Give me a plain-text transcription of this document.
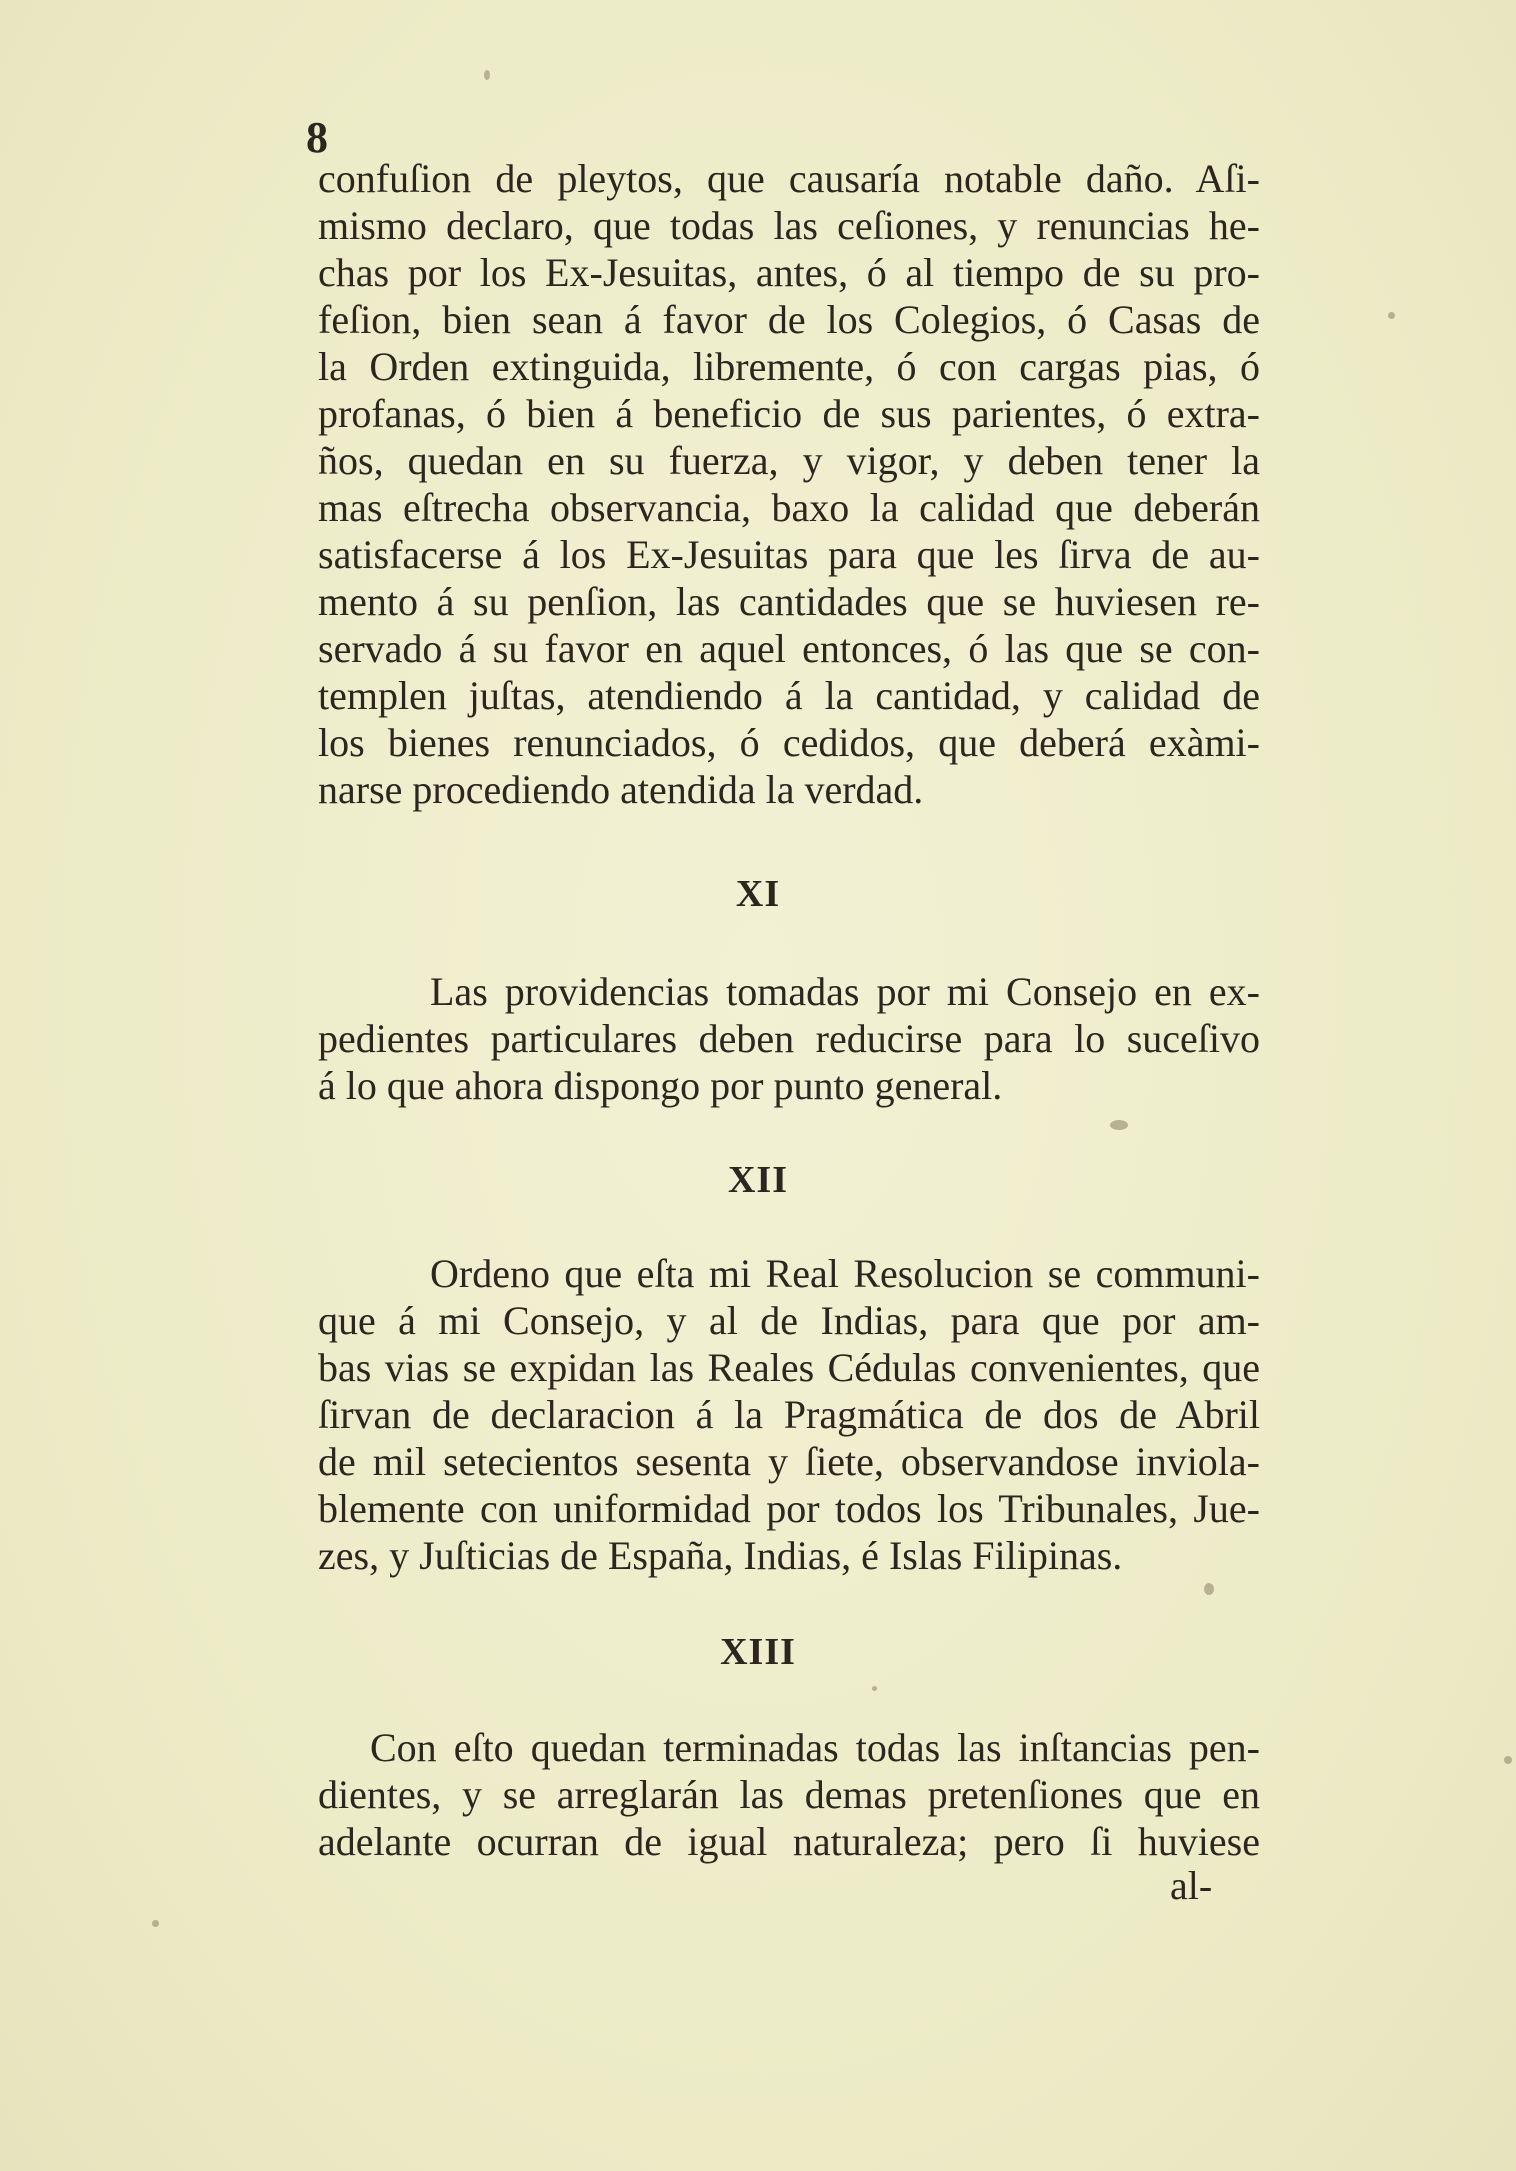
8
confuſion de pleytos, que causaría notable daño. Aſi-
mismo declaro, que todas las ceſiones, y renuncias he-
chas por los Ex-Jesuitas, antes, ó al tiempo de su pro-
feſion, bien sean á favor de los Colegios, ó Casas de
la Orden extinguida, libremente, ó con cargas pias, ó
profanas, ó bien á beneficio de sus parientes, ó extra-
ños, quedan en su fuerza, y vigor, y deben tener la
mas eſtrecha observancia, baxo la calidad que deberán
satisfacerse á los Ex-Jesuitas para que les ſirva de au-
mento á su penſion, las cantidades que se huviesen re-
servado á su favor en aquel entonces, ó las que se con-
templen juſtas, atendiendo á la cantidad, y calidad de
los bienes renunciados, ó cedidos, que deberá exàmi-
narse procediendo atendida la verdad.
XI
Las providencias tomadas por mi Consejo en ex-
pedientes particulares deben reducirse para lo suceſivo
á lo que ahora dispongo por punto general.
XII
Ordeno que eſta mi Real Resolucion se communi-
que á mi Consejo, y al de Indias, para que por am-
bas vias se expidan las Reales Cédulas convenientes, que
ſirvan de declaracion á la Pragmática de dos de Abril
de mil setecientos sesenta y ſiete, observandose inviola-
blemente con uniformidad por todos los Tribunales, Jue-
zes, y Juſticias de España, Indias, é Islas Filipinas.
XIII
Con eſto quedan terminadas todas las inſtancias pen-
dientes, y se arreglarán las demas pretenſiones que en
adelante ocurran de igual naturaleza; pero ſi huviese
al-
